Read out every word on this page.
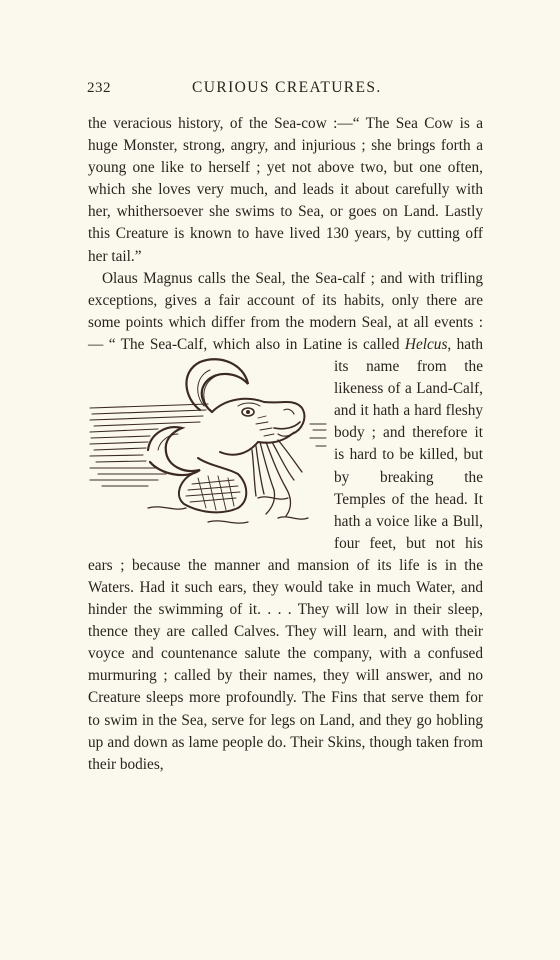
232	CURIOUS CREATURES.

the veracious history, of the Sea-cow :—“ The Sea Cow is a huge Monster, strong, angry, and injurious ; she brings forth a young one like to herself ; yet not above two, but one often, which she loves very much, and leads it about carefully with her, whithersoever she swims to Sea, or goes on Land. Lastly this Creature is known to have lived 130 years, by cutting off her tail.”

Olaus Magnus calls the Seal, the Sea-calf ; and with trifling exceptions, gives a fair account of its habits, only there are some points which differ from the modern Seal, at all events : — “ The Sea-Calf, which also in Latine is called
Helcus, hath its name from the likeness of a Land-Calf, and it hath a hard fleshy body ; and therefore it is hard to be killed, but by breaking the Temples of the head. It hath a voice like a Bull, four feet, but not his ears ; because the manner and mansion of its life is in the Waters. Had it such ears, they would take in much Water, and hinder the swimming of it. . . . They will low in their sleep, thence they are called Calves. They will learn, and with their voyce and countenance salute the company, with a confused murmuring ; called by their names, they will answer, and no Creature sleeps more profoundly. The Fins that serve them for to swim in the Sea, serve for legs on Land, and they go hobling up and down as lame people do. Their Skins, though taken from their bodies,
